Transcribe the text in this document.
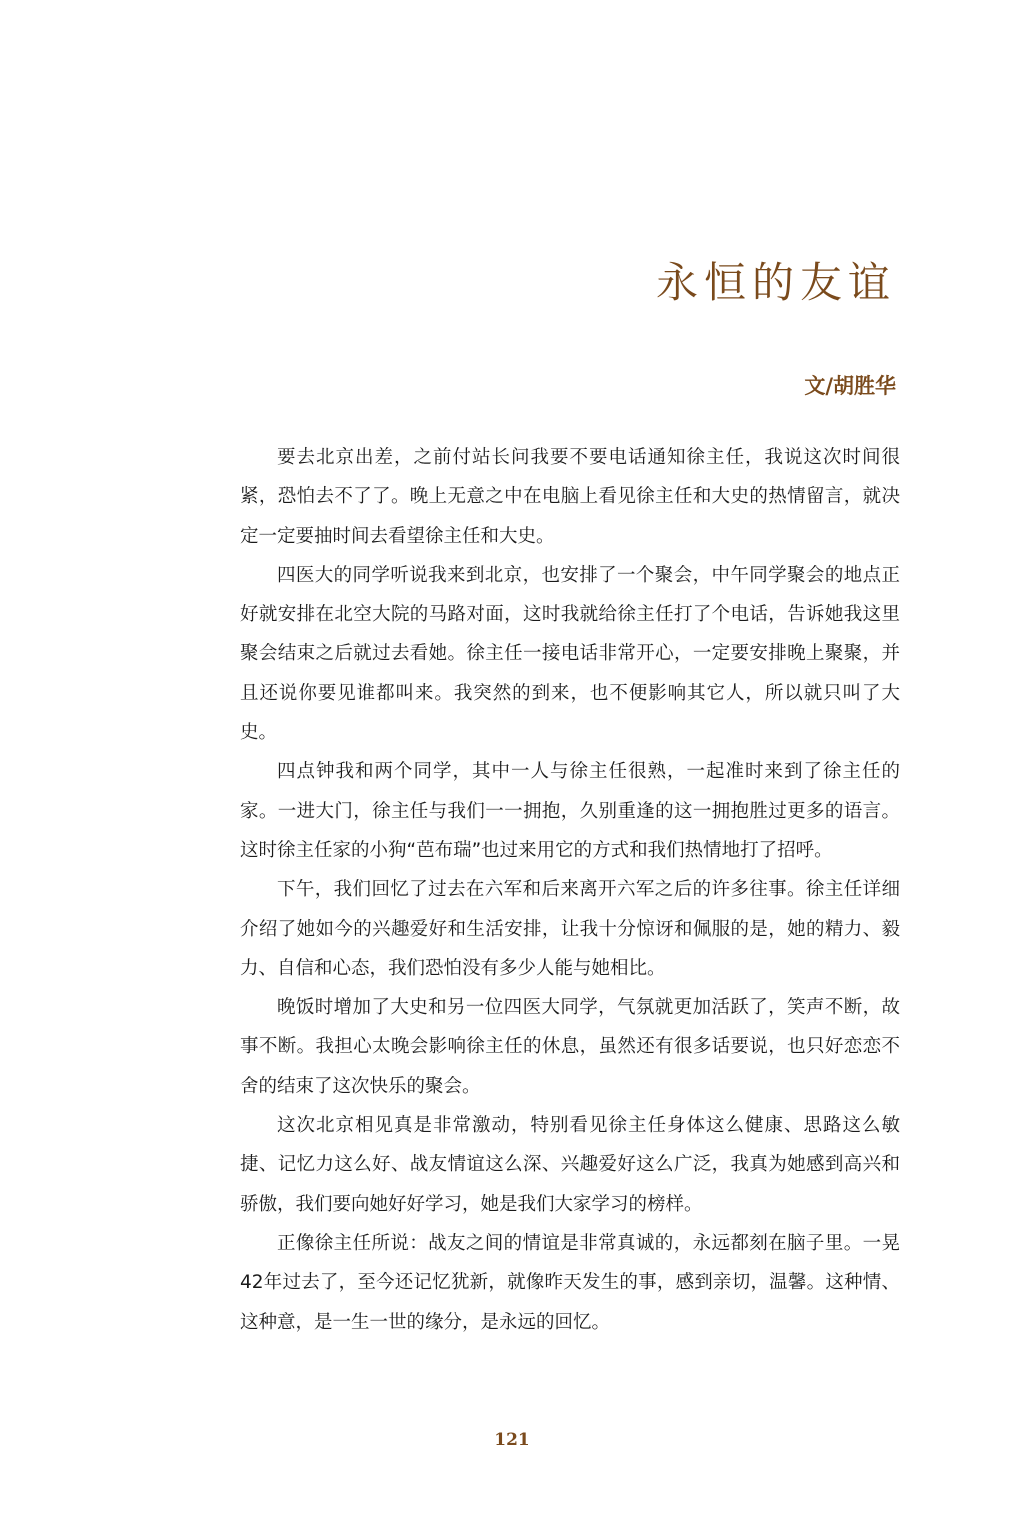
永恒的友谊
文/胡胜华

要去北京出差，之前付站长问我要不要电话通知徐主任，我说这次时间很紧，恐怕去不了了。晚上无意之中在电脑上看见徐主任和大史的热情留言，就决定一定要抽时间去看望徐主任和大史。

四医大的同学听说我来到北京，也安排了一个聚会，中午同学聚会的地点正好就安排在北空大院的马路对面，这时我就给徐主任打了个电话，告诉她我这里聚会结束之后就过去看她。徐主任一接电话非常开心，一定要安排晚上聚聚，并且还说你要见谁都叫来。我突然的到来，也不便影响其它人，所以就只叫了大史。

四点钟我和两个同学，其中一人与徐主任很熟，一起准时来到了徐主任的家。一进大门，徐主任与我们一一拥抱，久别重逢的这一拥抱胜过更多的语言。这时徐主任家的小狗“芭布瑞”也过来用它的方式和我们热情地打了招呼。

下午，我们回忆了过去在六军和后来离开六军之后的许多往事。徐主任详细介绍了她如今的兴趣爱好和生活安排，让我十分惊讶和佩服的是，她的精力、毅力、自信和心态，我们恐怕没有多少人能与她相比。

晚饭时增加了大史和另一位四医大同学，气氛就更加活跃了，笑声不断，故事不断。我担心太晚会影响徐主任的休息，虽然还有很多话要说，也只好恋恋不舍的结束了这次快乐的聚会。

这次北京相见真是非常激动，特别看见徐主任身体这么健康、思路这么敏捷、记忆力这么好、战友情谊这么深、兴趣爱好这么广泛，我真为她感到高兴和骄傲，我们要向她好好学习，她是我们大家学习的榜样。

正像徐主任所说：战友之间的情谊是非常真诚的，永远都刻在脑子里。一晃42年过去了，至今还记忆犹新，就像昨天发生的事，感到亲切，温馨。这种情、这种意，是一生一世的缘分，是永远的回忆。

121
